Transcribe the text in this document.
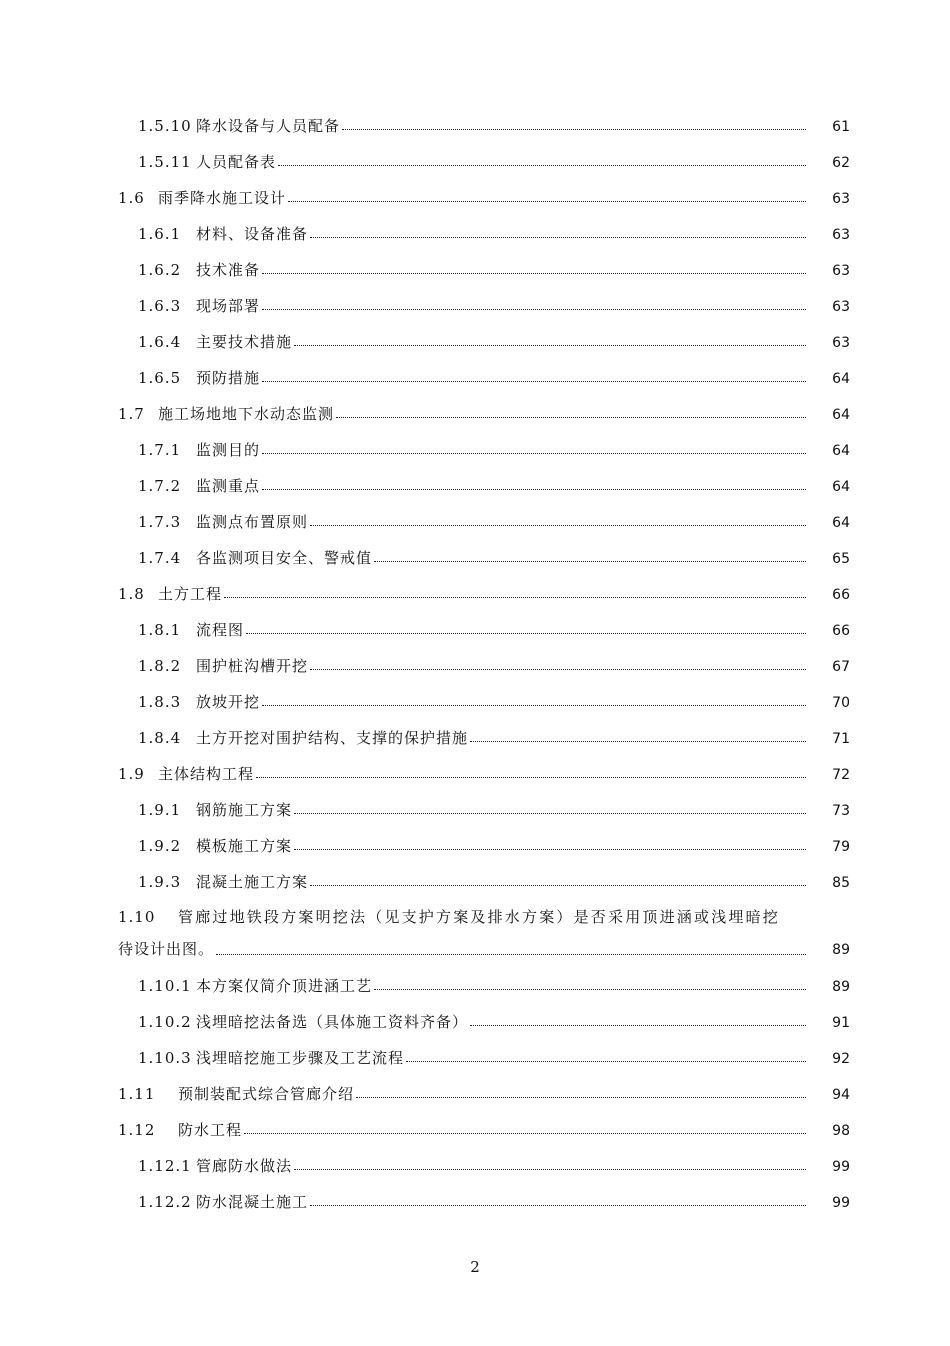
1.5.10 降水设备与人员配备	61
1.5.11 人员配备表	62
1.6 雨季降水施工设计	63
1.6.1 材料、设备准备	63
1.6.2 技术准备	63
1.6.3 现场部署	63
1.6.4 主要技术措施	63
1.6.5 预防措施	64
1.7 施工场地地下水动态监测	64
1.7.1 监测目的	64
1.7.2 监测重点	64
1.7.3 监测点布置原则	64
1.7.4 各监测项目安全、警戒值	65
1.8 土方工程	66
1.8.1 流程图	66
1.8.2 围护桩沟槽开挖	67
1.8.3 放坡开挖	70
1.8.4 土方开挖对围护结构、支撑的保护措施	71
1.9 主体结构工程	72
1.9.1 钢筋施工方案	73
1.9.2 模板施工方案	79
1.9.3 混凝土施工方案	85
1.10	管廊过地铁段方案明挖法（见支护方案及排水方案）是否采用顶进涵或浅埋暗挖
待设计出图。	89
1.10.1 本方案仅简介顶进涵工艺	89
1.10.2 浅埋暗挖法备选（具体施工资料齐备）	91
1.10.3 浅埋暗挖施工步骤及工艺流程	92
1.11	预制装配式综合管廊介绍	94
1.12	防水工程	98
1.12.1 管廊防水做法	99
1.12.2 防水混凝土施工	99
2
